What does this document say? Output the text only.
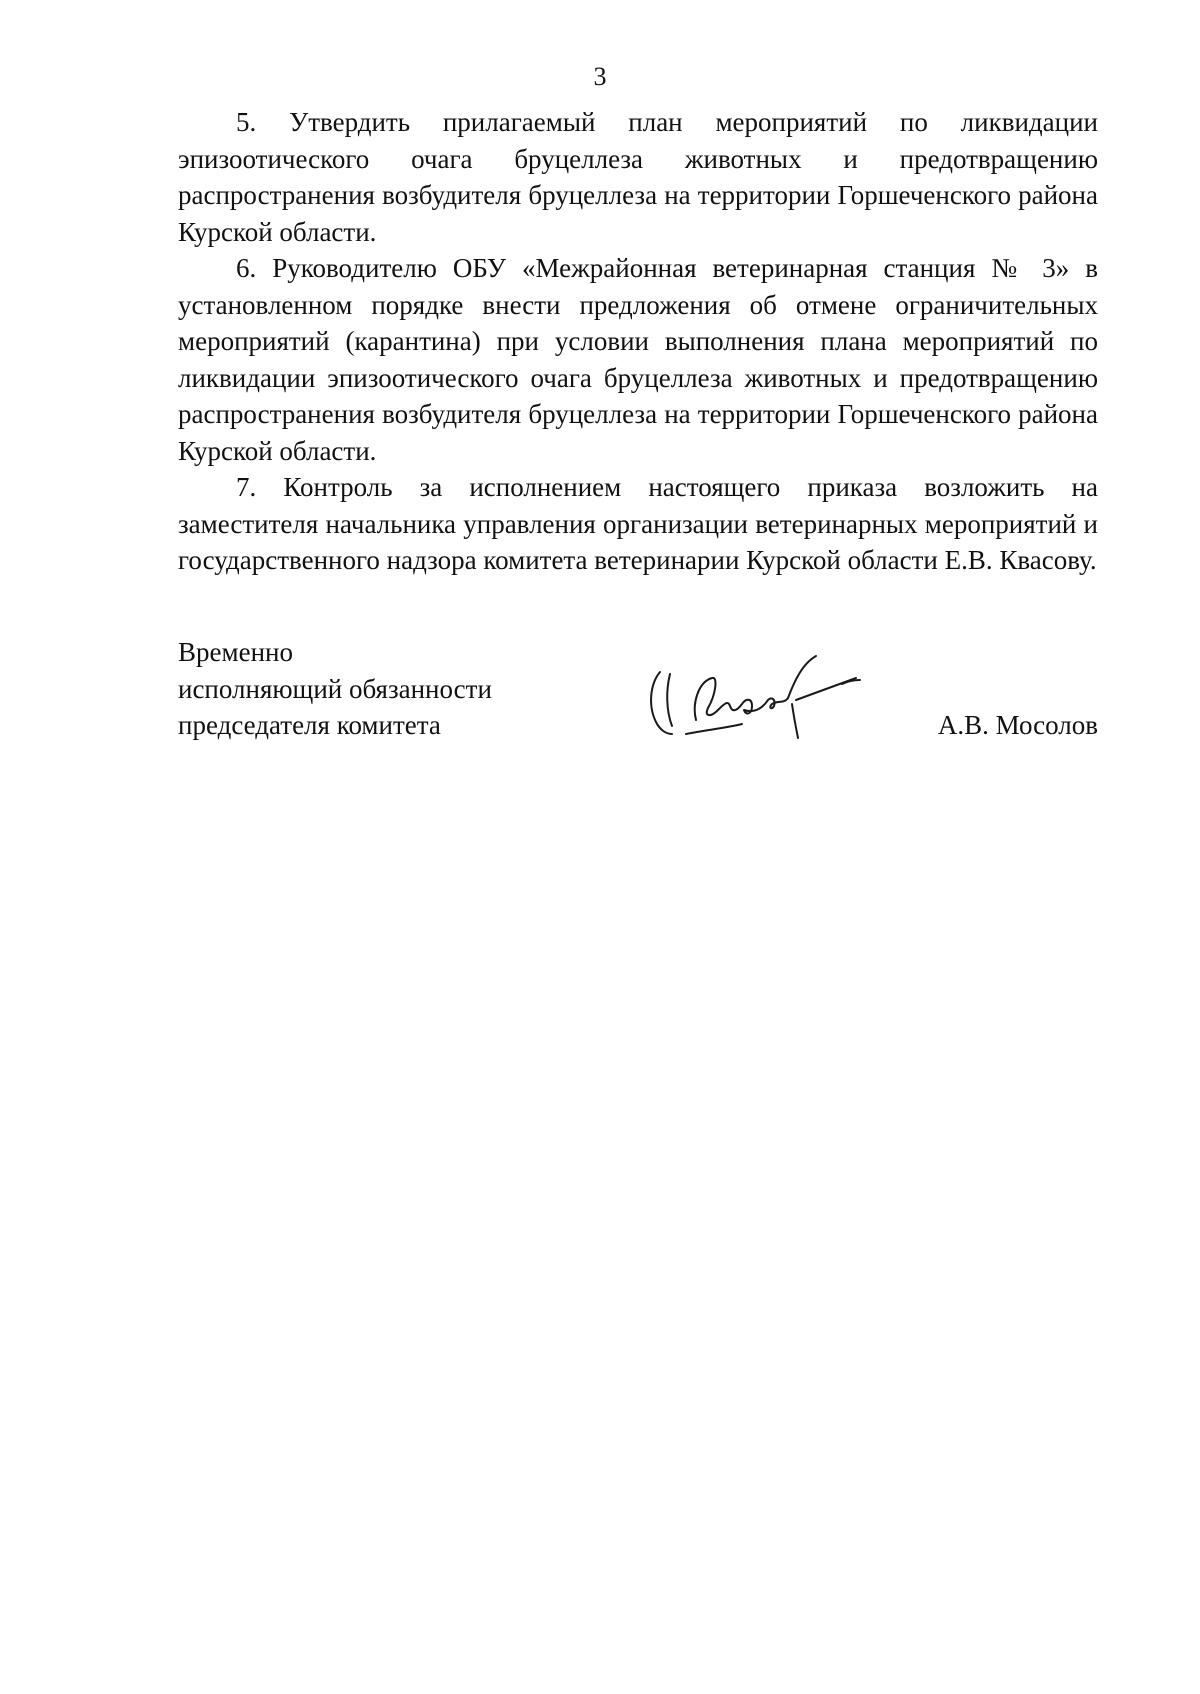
3

5. Утвердить прилагаемый план мероприятий по ликвидации эпизоотического очага бруцеллеза животных и предотвращению распространения возбудителя бруцеллеза на территории Горшеченского района Курской области.

6. Руководителю ОБУ «Межрайонная ветеринарная станция № 3» в установленном порядке внести предложения об отмене ограничительных мероприятий (карантина) при условии выполнения плана мероприятий по ликвидации эпизоотического очага бруцеллеза животных и предотвращению распространения возбудителя бруцеллеза на территории Горшеченского района Курской области.

7. Контроль за исполнением настоящего приказа возложить на заместителя начальника управления организации ветеринарных мероприятий и государственного надзора комитета ветеринарии Курской области Е.В. Квасову.

Временно
исполняющий обязанности
председателя комитета	А.В. Мосолов
